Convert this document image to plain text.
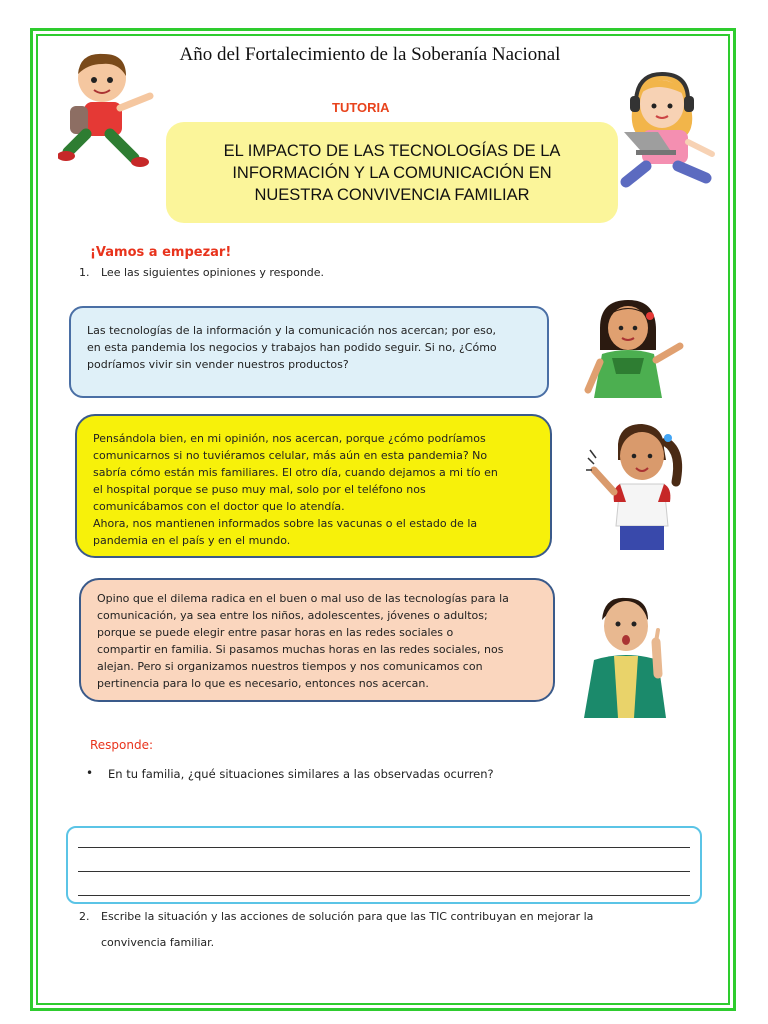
Año del Fortalecimiento de la Soberanía Nacional
TUTORIA
EL IMPACTO DE LAS TECNOLOGÍAS DE LA
INFORMACIÓN Y LA COMUNICACIÓN EN
NUESTRA CONVIVENCIA FAMILIAR
¡Vamos a empezar!
1. Lee las siguientes opiniones y responde.
Las tecnologías de la información y la comunicación nos acercan; por eso,
en esta pandemia los negocios y trabajos han podido seguir. Si no, ¿Cómo
podríamos vivir sin vender nuestros productos?
Pensándola bien, en mi opinión, nos acercan, porque ¿cómo podríamos
comunicarnos si no tuviéramos celular, más aún en esta pandemia? No
sabría cómo están mis familiares. El otro día, cuando dejamos a mi tío en
el hospital porque se puso muy mal, solo por el teléfono nos
comunicábamos con el doctor que lo atendía.
Ahora, nos mantienen informados sobre las vacunas o el estado de la
pandemia en el país y en el mundo.
Opino que el dilema radica en el buen o mal uso de las tecnologías para la
comunicación, ya sea entre los niños, adolescentes, jóvenes o adultos;
porque se puede elegir entre pasar horas en las redes sociales o
compartir en familia. Si pasamos muchas horas en las redes sociales, nos
alejan. Pero si organizamos nuestros tiempos y nos comunicamos con
pertinencia para lo que es necesario, entonces nos acercan.
Responde:
• En tu familia, ¿qué situaciones similares a las observadas ocurren?
2. Escribe la situación y las acciones de solución para que las TIC contribuyan en mejorar la
convivencia familiar.
